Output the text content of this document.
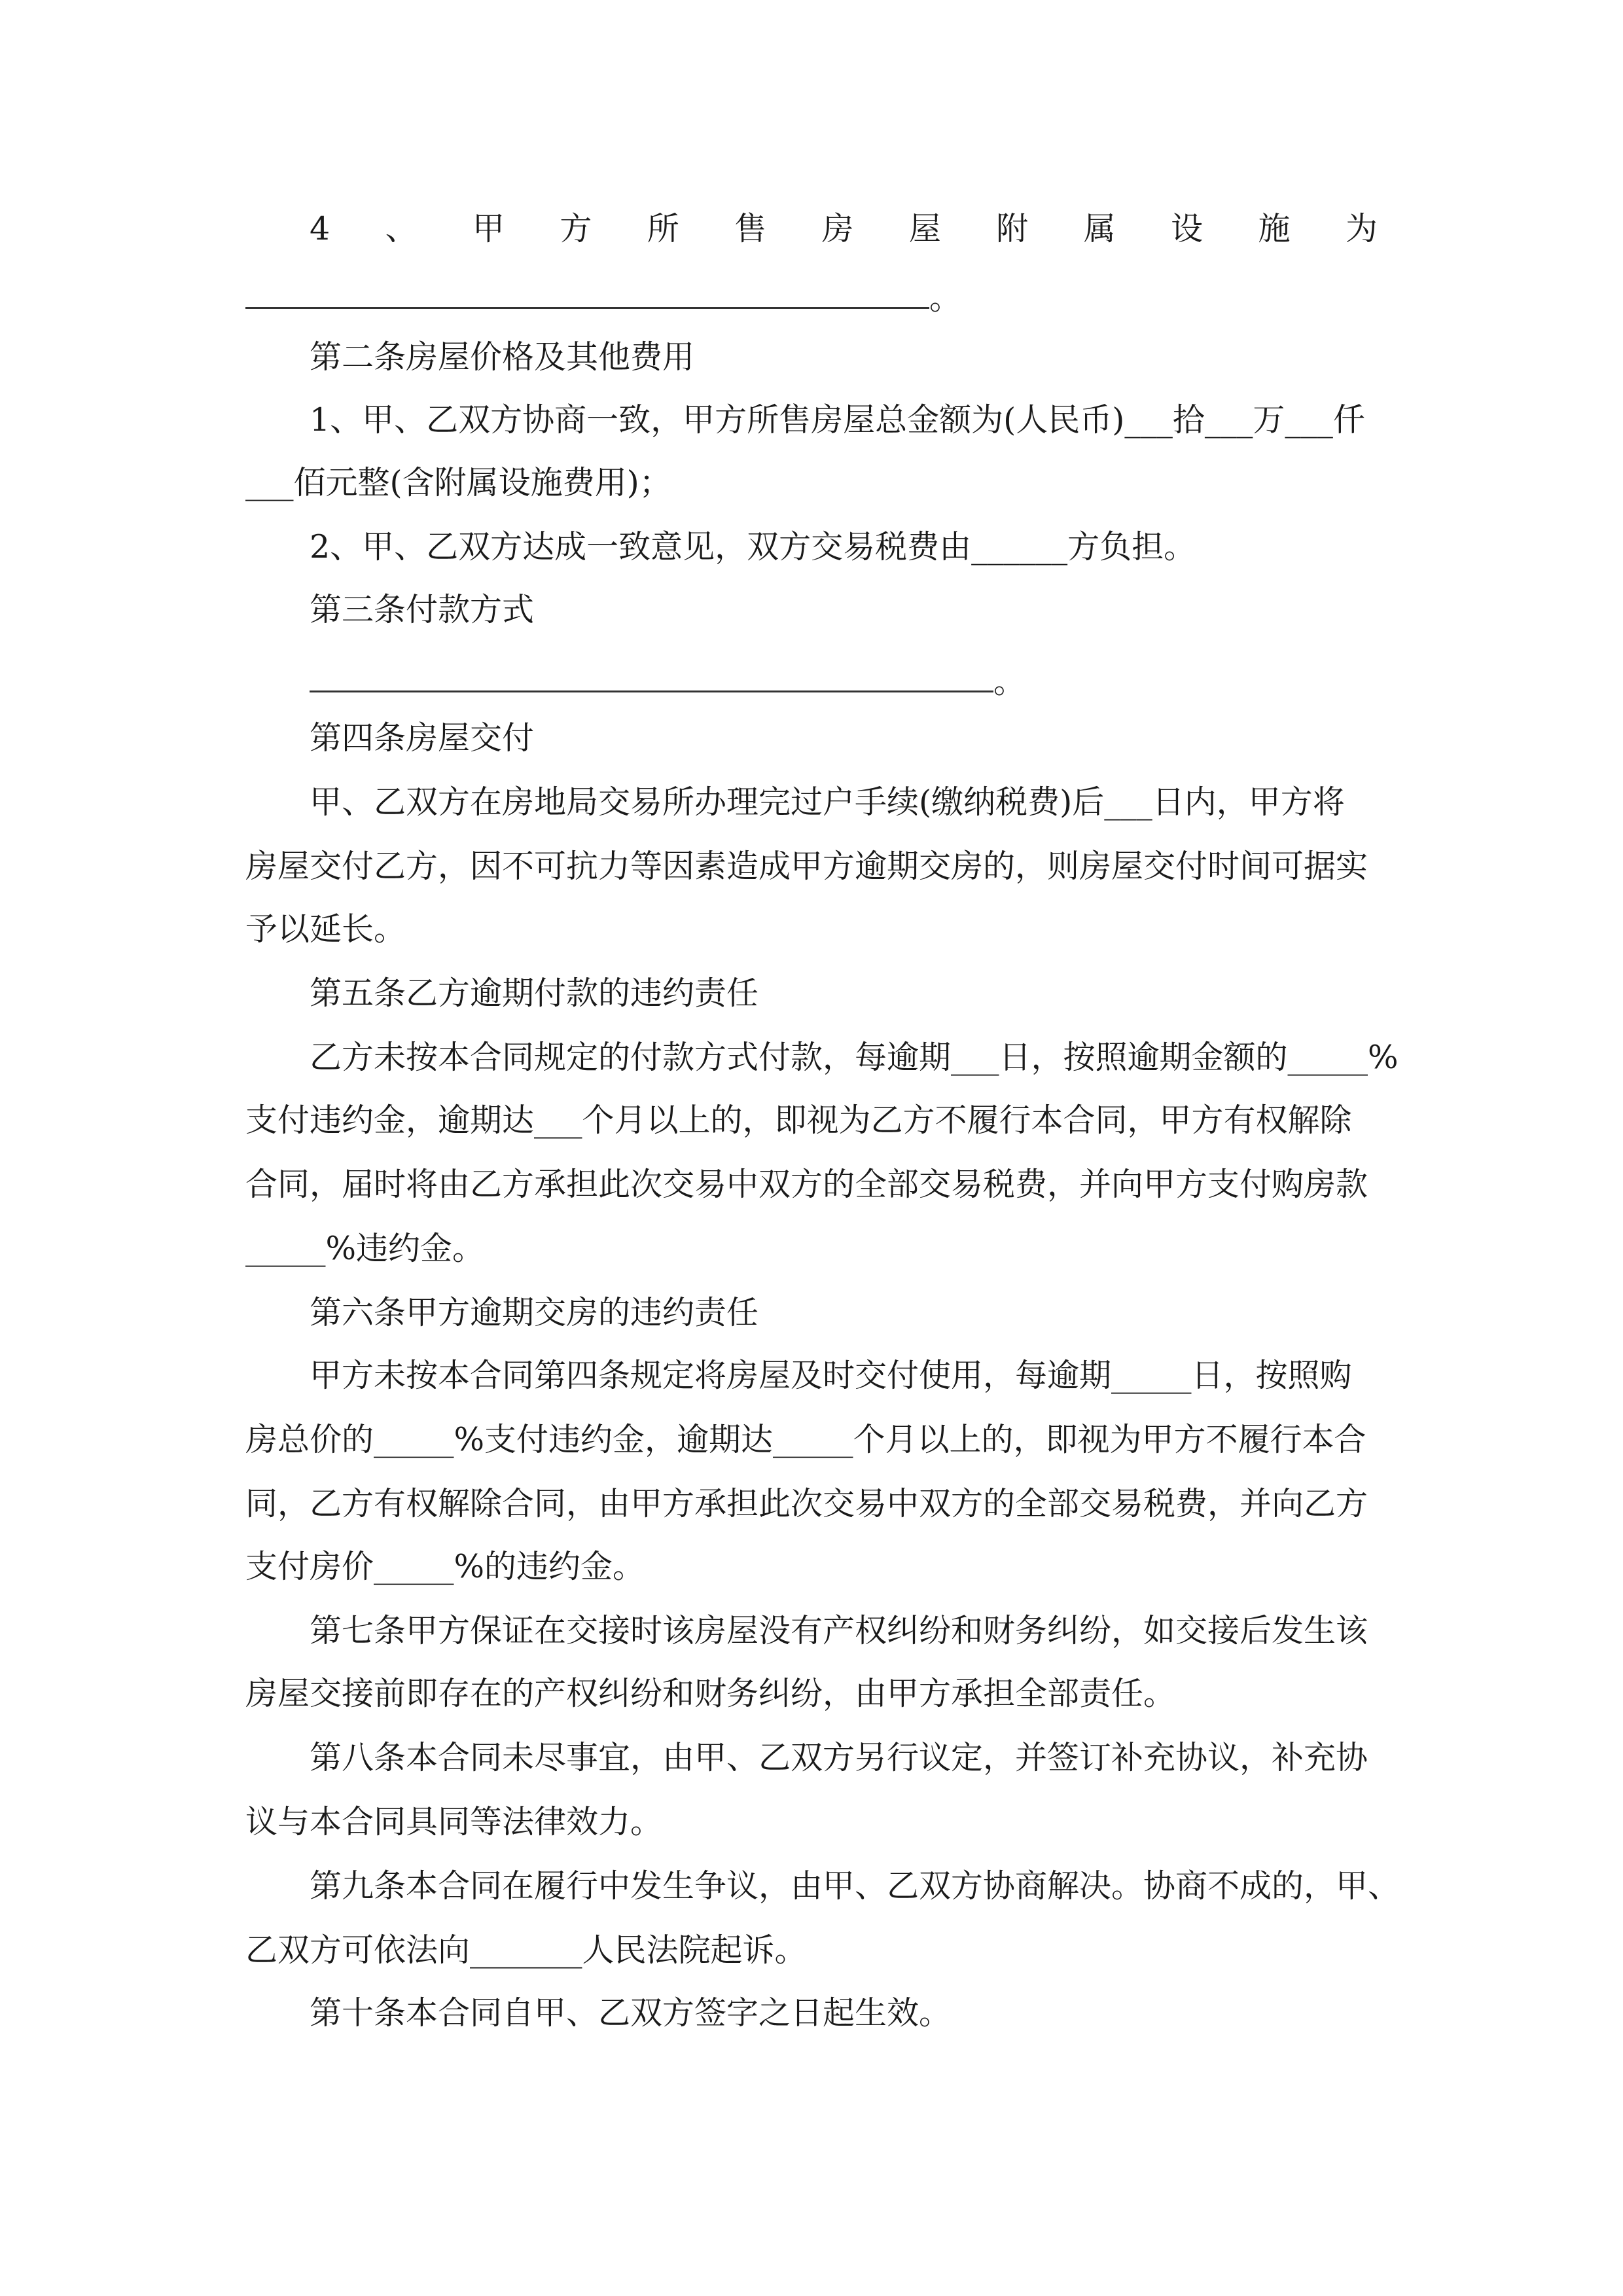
4 、 甲 方 所 售 房 屋 附 属 设 施 为
。
第二条房屋价格及其他费用
1、甲、乙双方协商一致，甲方所售房屋总金额为(人民币)___拾___万___仟
___佰元整(含附属设施费用)；
2、甲、乙双方达成一致意见，双方交易税费由______方负担。
第三条付款方式
。
第四条房屋交付
甲、乙双方在房地局交易所办理完过户手续(缴纳税费)后___日内，甲方将
房屋交付乙方，因不可抗力等因素造成甲方逾期交房的，则房屋交付时间可据实
予以延长。
第五条乙方逾期付款的违约责任
乙方未按本合同规定的付款方式付款，每逾期___日，按照逾期金额的_____%
支付违约金，逾期达___个月以上的，即视为乙方不履行本合同，甲方有权解除
合同，届时将由乙方承担此次交易中双方的全部交易税费，并向甲方支付购房款
_____%违约金。
第六条甲方逾期交房的违约责任
甲方未按本合同第四条规定将房屋及时交付使用，每逾期_____日，按照购
房总价的_____%支付违约金，逾期达_____个月以上的，即视为甲方不履行本合
同，乙方有权解除合同，由甲方承担此次交易中双方的全部交易税费，并向乙方
支付房价_____%的违约金。
第七条甲方保证在交接时该房屋没有产权纠纷和财务纠纷，如交接后发生该
房屋交接前即存在的产权纠纷和财务纠纷，由甲方承担全部责任。
第八条本合同未尽事宜，由甲、乙双方另行议定，并签订补充协议，补充协
议与本合同具同等法律效力。
第九条本合同在履行中发生争议，由甲、乙双方协商解决。协商不成的，甲、
乙双方可依法向_______人民法院起诉。
第十条本合同自甲、乙双方签字之日起生效。
